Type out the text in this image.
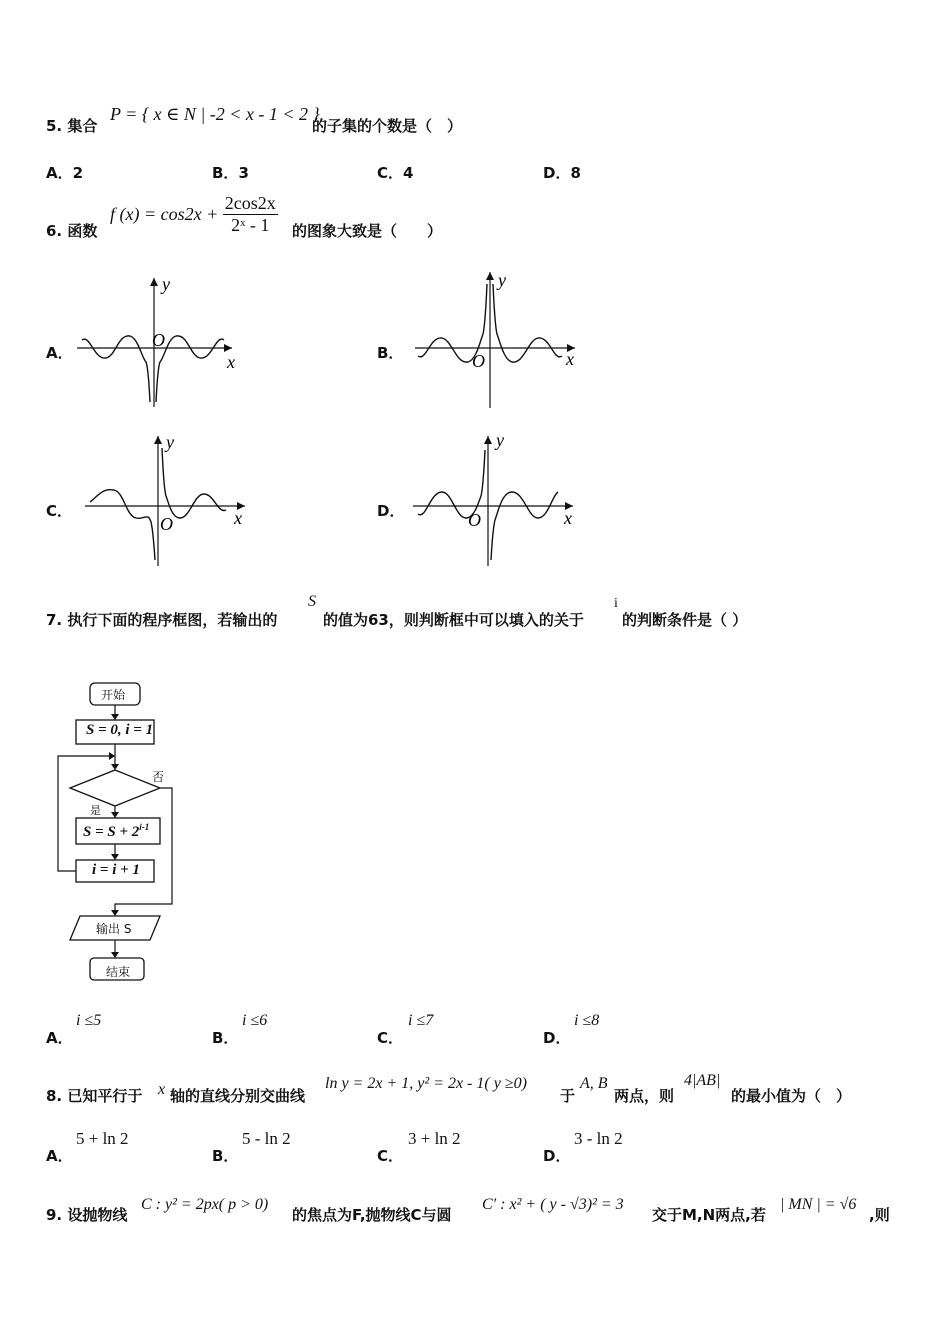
5. 集合
P = { x ∈ N | -2 < x - 1 < 2 }
的子集的个数是（　）
A．2	B．3	C．4	D．8
6. 函数
f $(x) = \cos 2x + \frac{2\cos 2x}{\text{2ˣ - 1}}$ 的图象大致是（　　）
A．
y
x
O
B．
y
x
O
C．
y
x
O
D．
y
x
O
7. 执行下面的程序框图，若输出的
S
的值为63，则判断框中可以填入的关于
i
的判断条件是（ ）
开始
S = 0, i = 1
否
是
$S = S + 2^{i-1}$
i = i + 1
输出 S
结束
A．
i ≤5
B．
i ≤6
C．
i ≤7
D．
i ≤8
8. 已知平行于 x 轴的直线分别交曲线
ln y = 2x + 1, y² = 2x - 1( y ≥0)
于
A, B
两点，则
4|AB|
的最小值为（　）
A．
5 + ln 2
B．
5 - ln 2
C．
3 + ln 2
D．
3 - ln 2
9. 设抛物线
C : y² = 2px( p > 0)
的焦点为F,抛物线C与圆
C′ : x² + ( y - √3)² = 3
交于M,N两点,若
| MN | = √6
,则
